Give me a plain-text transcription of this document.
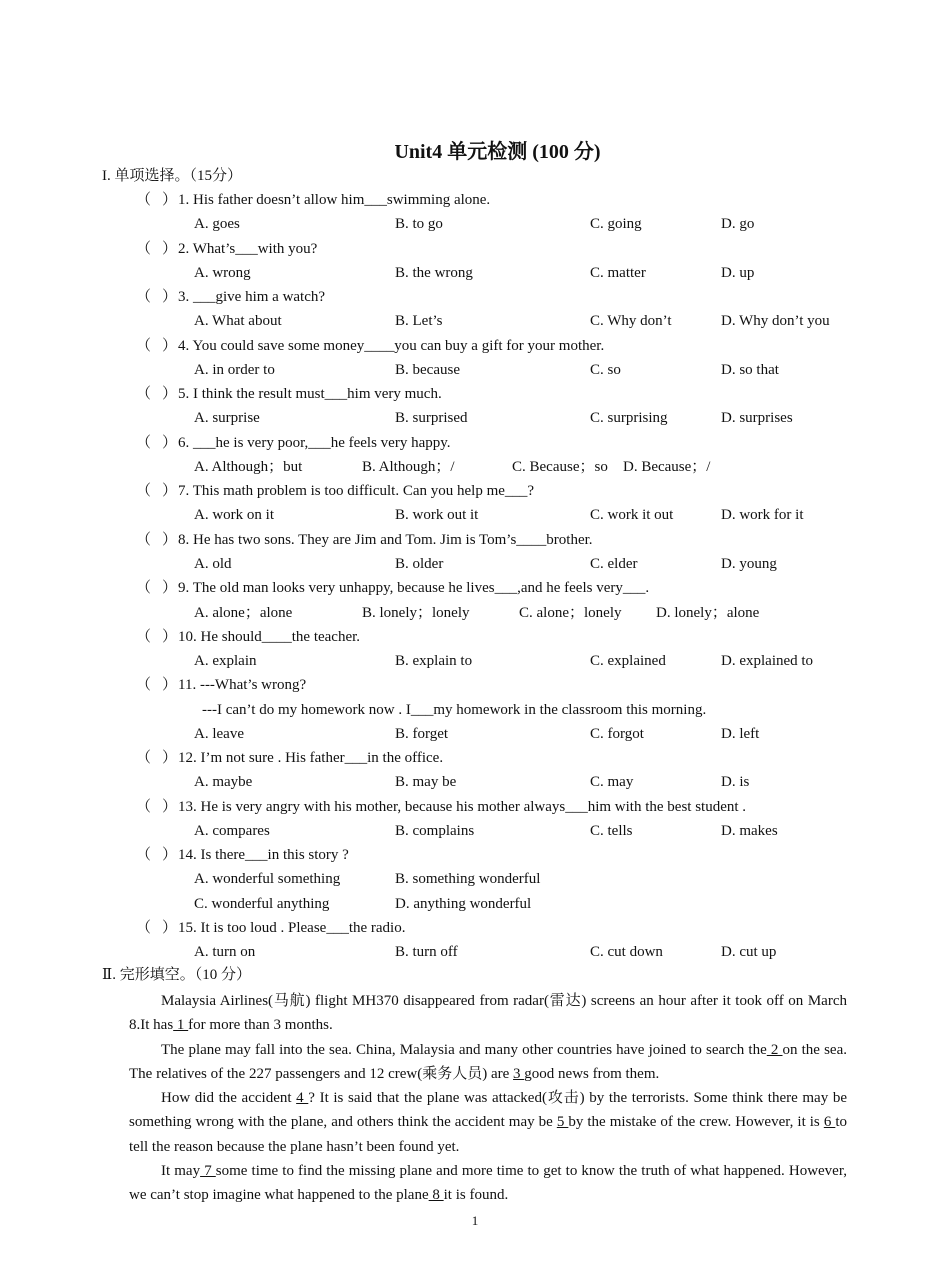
Unit4 单元检测 (100 分)
I. 单项选择。（15分）
（ ） 1. His father doesn’t allow him___swimming alone.
A. goes	B. to go	C. going	D. go
（ ） 2. What’s___with you?
A. wrong	B. the wrong	C. matter	D. up
（ ） 3. ___give him a watch?
A. What about	B. Let’s	C. Why don’t	D. Why don’t you
（ ） 4. You could save some money____you can buy a gift for your mother.
A. in order to	B. because	C. so	D. so that
（ ） 5. I think the result must___him very much.
A. surprise	B. surprised	C. surprising	D. surprises
（ ） 6. ___he is very poor,___he feels very happy.
A. Although；but	B. Although；/	C. Because；so D. Because；/
（ ） 7. This math problem is too difficult. Can you help me___?
A. work on it	B. work out it	C. work it out	D. work for it
（ ） 8. He has two sons. They are Jim and Tom. Jim is Tom’s____brother.
A. old	B. older	C. elder	D. young
（ ） 9. The old man looks very unhappy, because he lives___,and he feels very___.
A. alone；alone	B. lonely；lonely	C. alone；lonely D. lonely；alone
（ ） 10. He should____the teacher.
A. explain	B. explain to	C. explained	D. explained to
（ ） 11. ---What’s wrong?
---I can’t do my homework now . I___my homework in the classroom this morning.
A. leave	B. forget	C. forgot	D. left
（ ） 12. I’m not sure . His father___in the office.
A. maybe	B. may be	C. may	D. is
（ ） 13. He is very angry with his mother, because his mother always___him with the best student .
A. compares	B. complains	C. tells	D. makes
（ ） 14. Is there___in this story ?
A. wonderful something	B. something wonderful
C. wonderful anything	D. anything wonderful
（ ） 15. It is too loud . Please___the radio.
A. turn on	B. turn off	C. cut down	D. cut up
Ⅱ. 完形填空。（10 分）

Malaysia Airlines(马航) flight MH370 disappeared from radar(雷达) screens an hour after it took off on March 8.It has 1 for more than 3 months.

The plane may fall into the sea. China, Malaysia and many other countries have joined to search the 2 on the sea. The relatives of the 227 passengers and 12 crew(乘务人员) are 3 good news from them.

How did the accident 4 ? It is said that the plane was attacked(攻击) by the terrorists. Some think there may be something wrong with the plane, and others think the accident may be 5 by the mistake of the crew. However, it is 6 to tell the reason because the plane hasn’t been found yet.

It may 7 some time to find the missing plane and more time to get to know the truth of what happened. However, we can’t stop imagine what happened to the plane 8 it is found.

1
